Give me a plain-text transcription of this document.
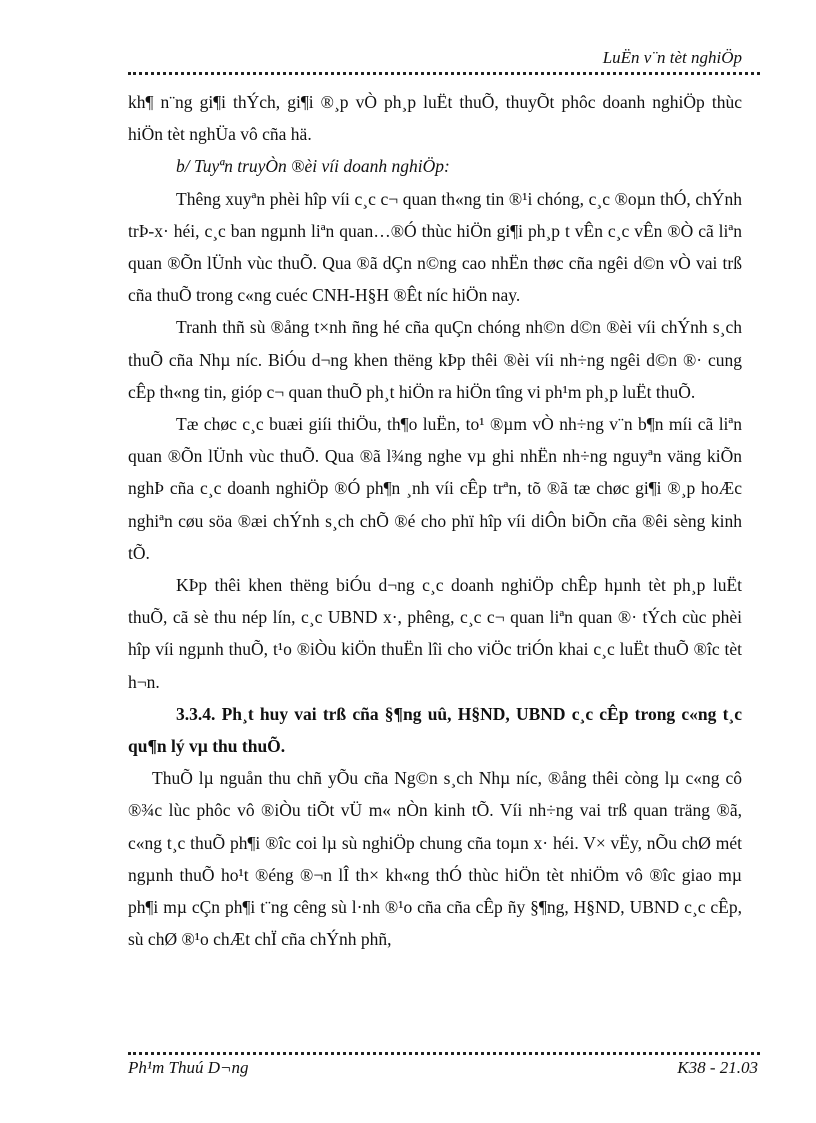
LuËn v¨n tèt nghiÖp

kh¶ n¨ng gi¶i thÝch, gi¶i ®¸p vÒ ph¸p luËt thuÕ, thuyÕt phôc doanh nghiÖp thùc hiÖn tèt nghÜa vô cña hä.

b/ Tuyªn truyÒn ®èi víi doanh nghiÖp:

Thêng xuyªn phèi hîp víi c¸c c¬ quan th«ng tin ®¹i chóng, c¸c ®oµn thÓ, chÝnh trÞ-x· héi, c¸c ban ngµnh liªn quan…®Ó thùc hiÖn gi¶i ph¸p t vÊn c¸c vÊn ®Ò cã liªn quan ®Õn lÜnh vùc thuÕ. Qua ®ã dÇn n©ng cao nhËn thøc cña ngêi d©n vÒ vai trß cña thuÕ trong c«ng cuéc CNH-H§H ®Êt níc hiÖn nay.

Tranh thñ sù ®ång t×nh ñng hé cña quÇn chóng nh©n d©n ®èi víi chÝnh s¸ch thuÕ cña Nhµ níc. BiÓu d¬ng khen thëng kÞp thêi ®èi víi nh÷ng ngêi d©n ®· cung cÊp th«ng tin, gióp c¬ quan thuÕ ph¸t hiÖn ra hiÖn tîng vi ph¹m ph¸p luËt thuÕ.

Tæ chøc c¸c buæi giíi thiÖu, th¶o luËn, to¹ ®µm vÒ nh÷ng v¨n b¶n míi cã liªn quan ®Õn lÜnh vùc thuÕ. Qua ®ã l¾ng nghe vµ ghi nhËn nh÷ng nguyªn väng kiÕn nghÞ cña c¸c doanh nghiÖp ®Ó ph¶n ¸nh víi cÊp trªn, tõ ®ã tæ chøc gi¶i ®¸p hoÆc nghiªn cøu söa ®æi chÝnh s¸ch chÕ ®é cho phï hîp víi diÔn biÕn cña ®êi sèng kinh tÕ.

KÞp thêi khen thëng biÓu d¬ng c¸c doanh nghiÖp chÊp hµnh tèt ph¸p luËt thuÕ, cã sè thu nép lín, c¸c UBND x·, phêng, c¸c c¬ quan liªn quan ®· tÝch cùc phèi hîp víi ngµnh thuÕ, t¹o ®iÒu kiÖn thuËn lîi cho viÖc triÓn khai c¸c luËt thuÕ ®îc tèt h¬n.

3.3.4. Ph¸t huy vai trß cña §¶ng uû, H§ND, UBND c¸c cÊp trong c«ng t¸c qu¶n lý vµ thu thuÕ.

ThuÕ lµ nguån thu chñ yÕu cña Ng©n s¸ch Nhµ níc, ®ång thêi còng lµ c«ng cô ®¾c lùc phôc vô ®iÒu tiÕt vÜ m« nÒn kinh tÕ. Víi nh÷ng vai trß quan träng ®ã, c«ng t¸c thuÕ ph¶i ®îc coi lµ sù nghiÖp chung cña toµn x· héi. V× vËy, nÕu chØ mét ngµnh thuÕ ho¹t ®éng ®¬n lÎ th× kh«ng thÓ thùc hiÖn tèt nhiÖm vô ®îc giao mµ ph¶i mµ cÇn ph¶i t¨ng cêng sù l·nh ®¹o cña cña cÊp ñy §¶ng, H§ND, UBND c¸c cÊp, sù chØ ®¹o chÆt chÏ cña chÝnh phñ,

Ph¹m Thuú D¬ng	K38 - 21.03
